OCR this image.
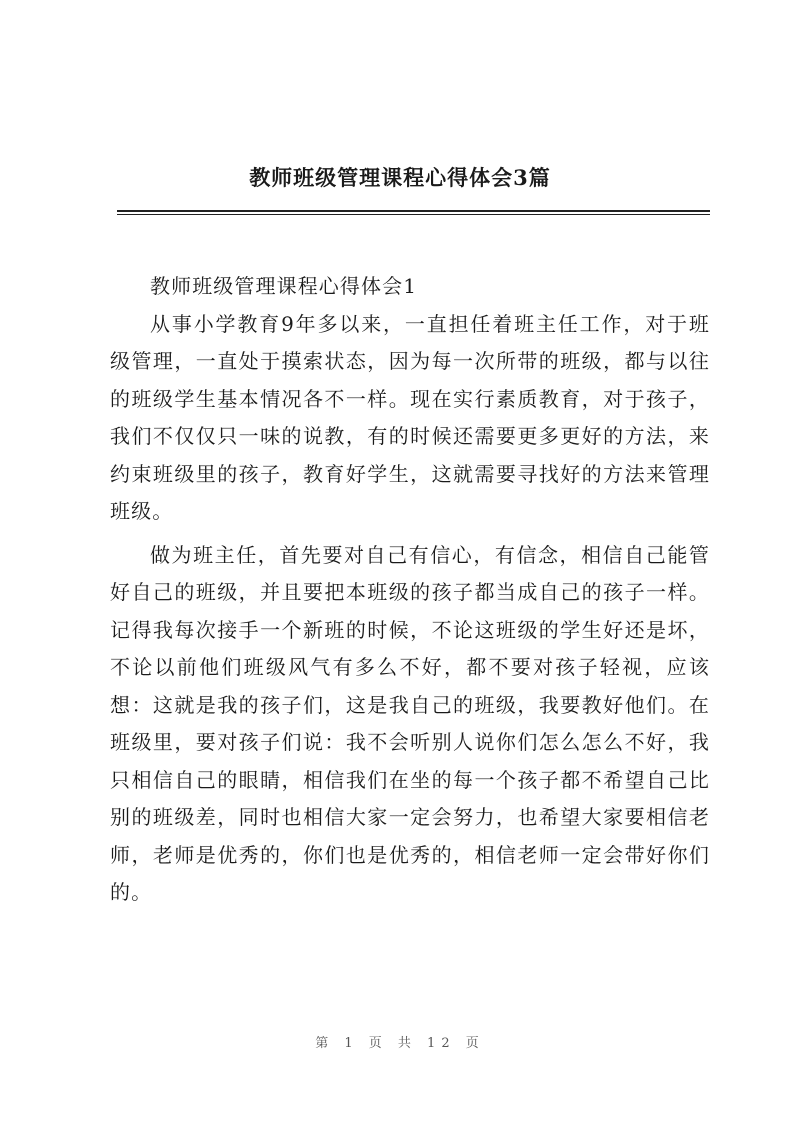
教师班级管理课程心得体会3篇

教师班级管理课程心得体会1

从事小学教育9年多以来，一直担任着班主任工作，对于班级管理，一直处于摸索状态，因为每一次所带的班级，都与以往的班级学生基本情况各不一样。现在实行素质教育，对于孩子，我们不仅仅只一味的说教，有的时候还需要更多更好的方法，来约束班级里的孩子，教育好学生，这就需要寻找好的方法来管理班级。

做为班主任，首先要对自己有信心，有信念，相信自己能管好自己的班级，并且要把本班级的孩子都当成自己的孩子一样。记得我每次接手一个新班的时候，不论这班级的学生好还是坏，不论以前他们班级风气有多么不好，都不要对孩子轻视，应该想：这就是我的孩子们，这是我自己的班级，我要教好他们。在班级里，要对孩子们说：我不会听别人说你们怎么怎么不好，我只相信自己的眼睛，相信我们在坐的每一个孩子都不希望自己比别的班级差，同时也相信大家一定会努力，也希望大家要相信老师，老师是优秀的，你们也是优秀的，相信老师一定会带好你们的。

第 1 页 共 12 页
